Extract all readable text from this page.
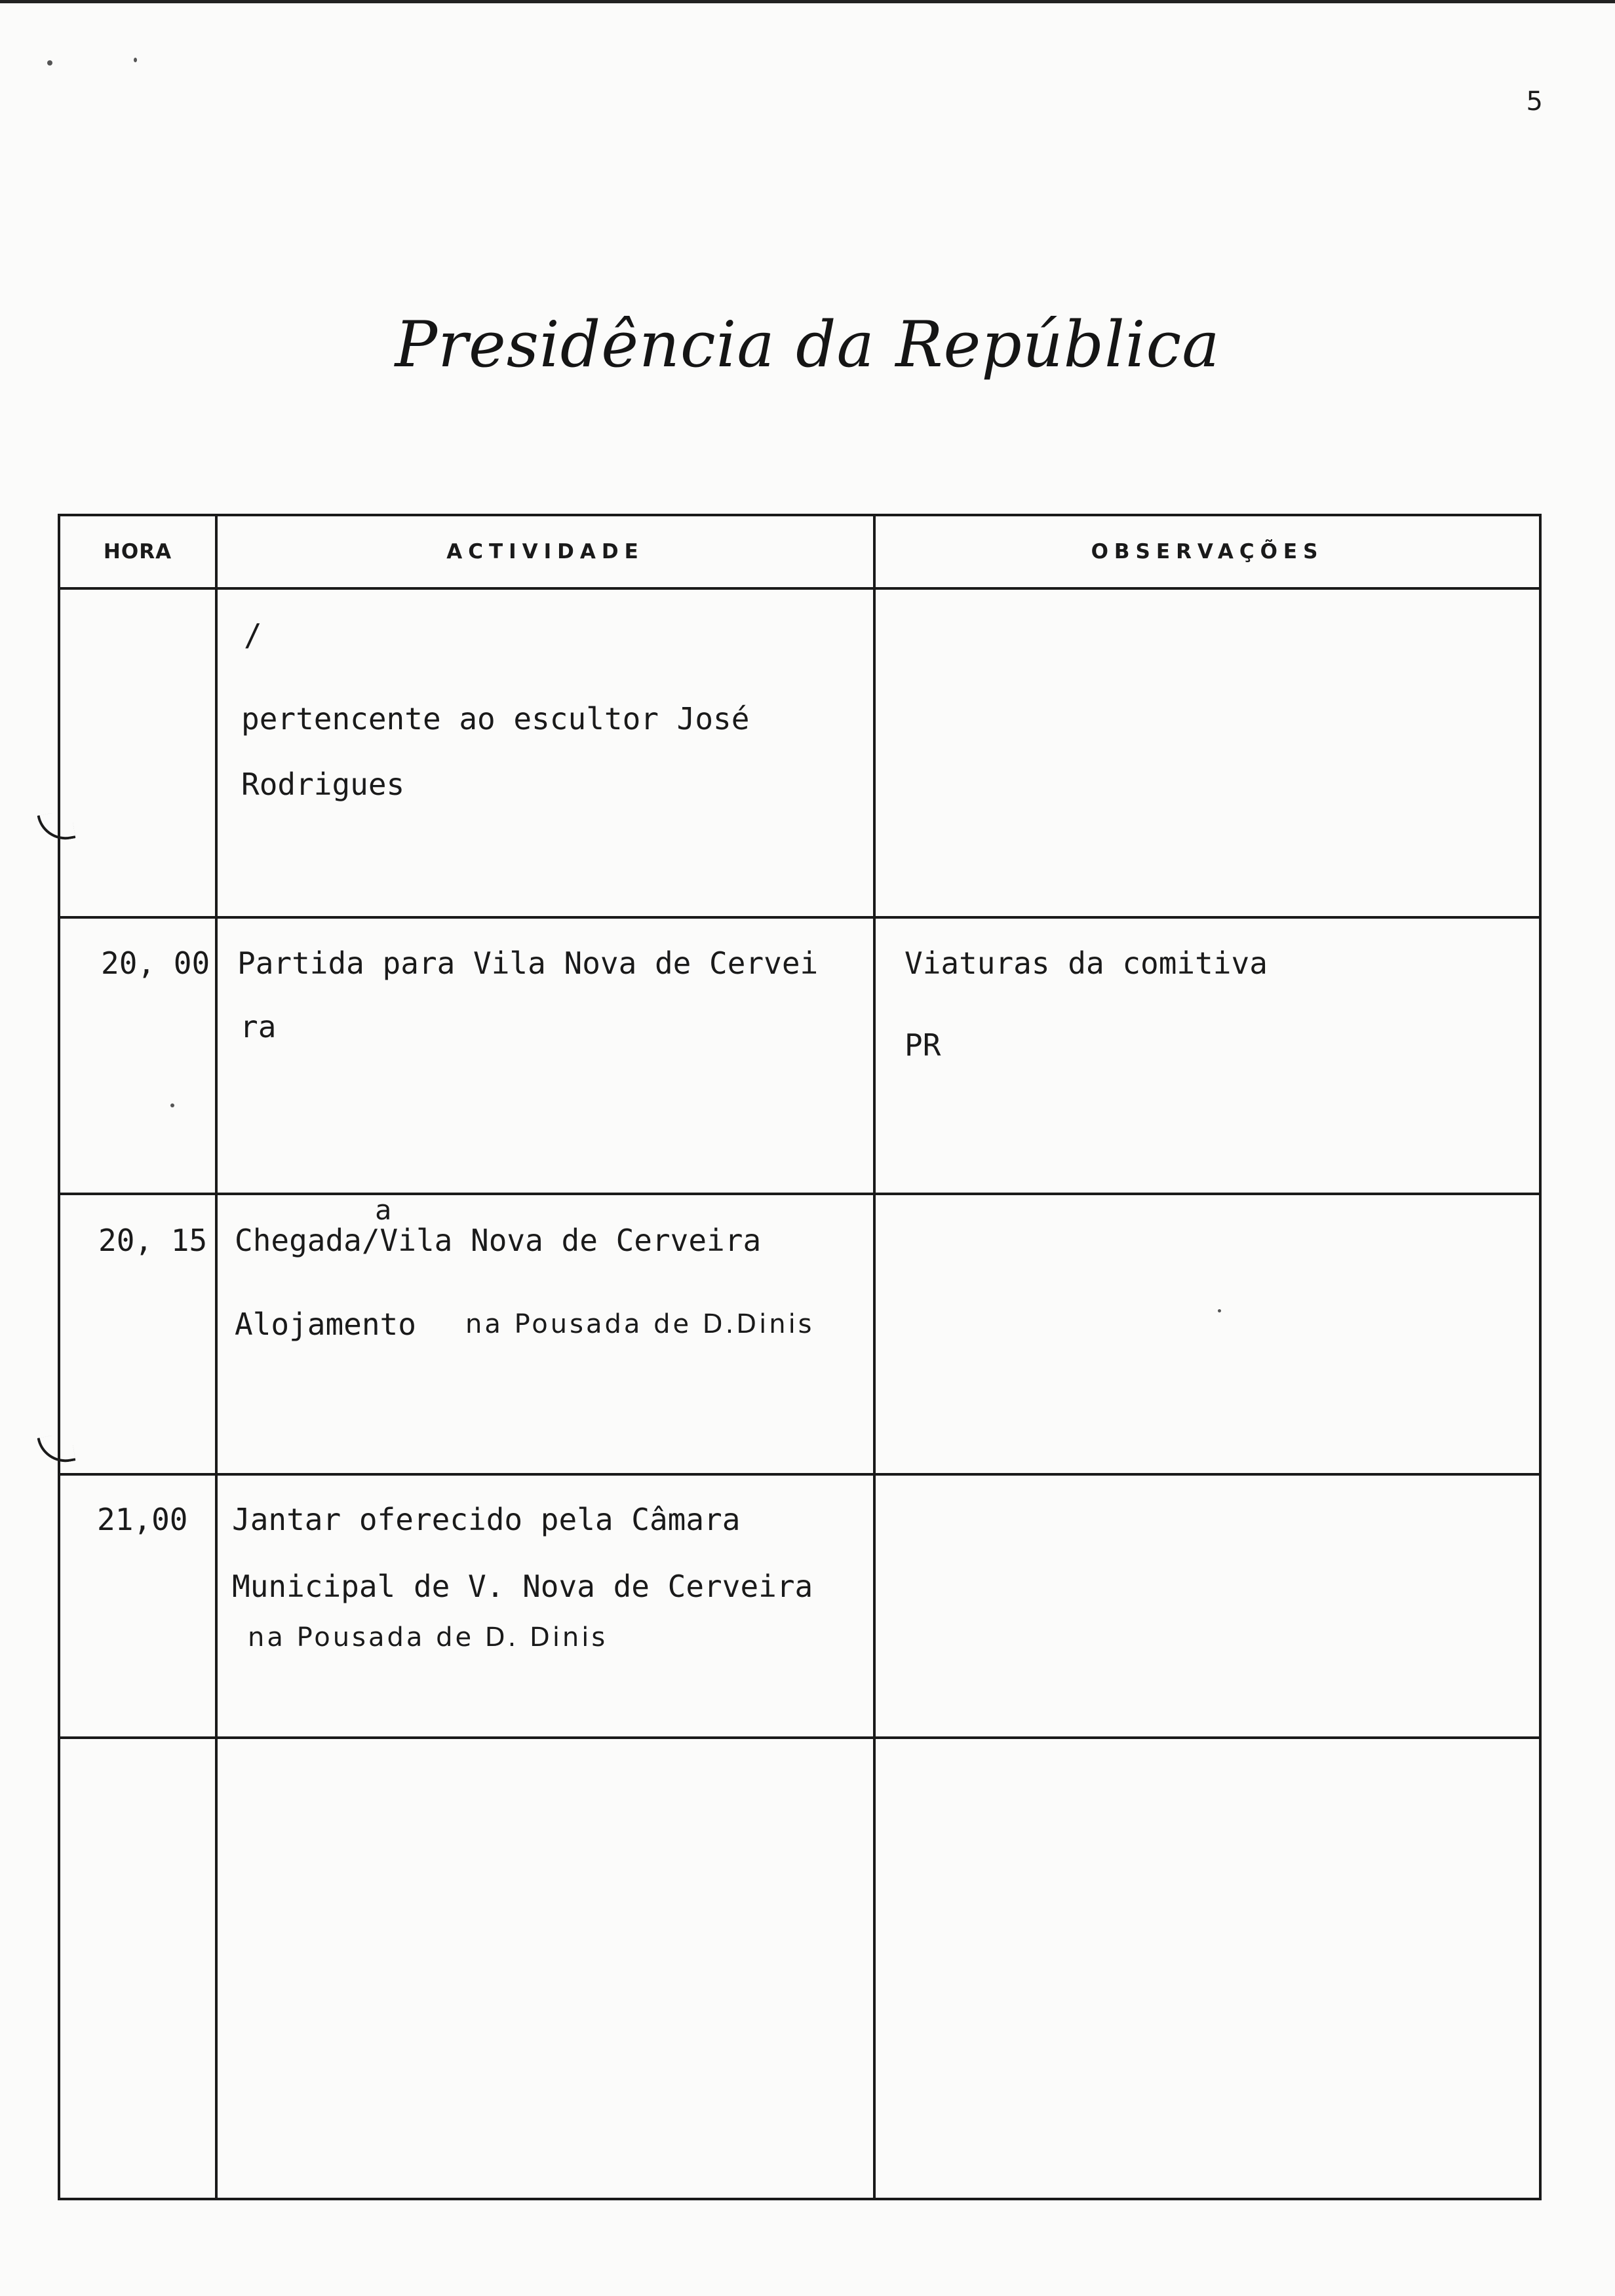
5
Presidência da República
HORA	ACTIVIDADE	OBSERVAÇÕES
/
pertencente ao escultor José
Rodrigues
20, 00 Partida para Vila Nova de Cervei
ra
Viaturas da comitiva
PR
a
20, 15 Chegada/Vila Nova de Cerveira
Alojamento na Pousada de D.Dinis
21,00 Jantar oferecido pela Câmara
Municipal de V. Nova de Cerveira
na Pousada de D. Dinis
